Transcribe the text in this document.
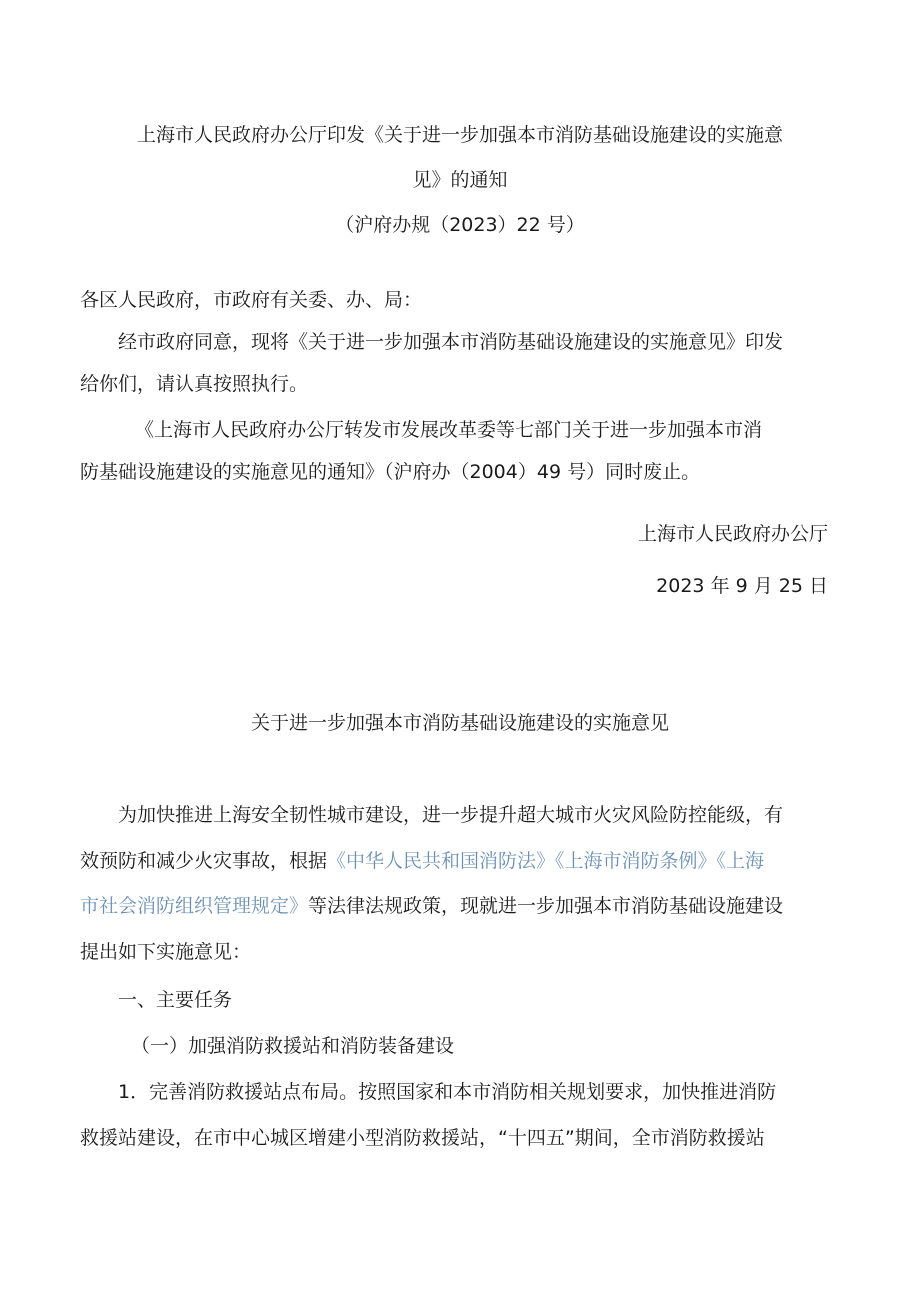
上海市人民政府办公厅印发《关于进一步加强本市消防基础设施建设的实施意
见》的通知
（沪府办规（2023）22 号）
各区人民政府，市政府有关委、办、局：
经市政府同意，现将《关于进一步加强本市消防基础设施建设的实施意见》印发
给你们，请认真按照执行。
《上海市人民政府办公厅转发市发展改革委等七部门关于进一步加强本市消
防基础设施建设的实施意见的通知》（沪府办（2004）49 号）同时废止。
上海市人民政府办公厅
2023 年 9 月 25 日
关于进一步加强本市消防基础设施建设的实施意见
为加快推进上海安全韧性城市建设，进一步提升超大城市火灾风险防控能级，有
效预防和减少火灾事故，根据《中华人民共和国消防法》《上海市消防条例》《上海
市社会消防组织管理规定》等法律法规政策，现就进一步加强本市消防基础设施建设
提出如下实施意见：
一、主要任务
（一）加强消防救援站和消防装备建设
1．完善消防救援站点布局。按照国家和本市消防相关规划要求，加快推进消防
救援站建设，在市中心城区增建小型消防救援站，“十四五”期间，全市消防救援站
